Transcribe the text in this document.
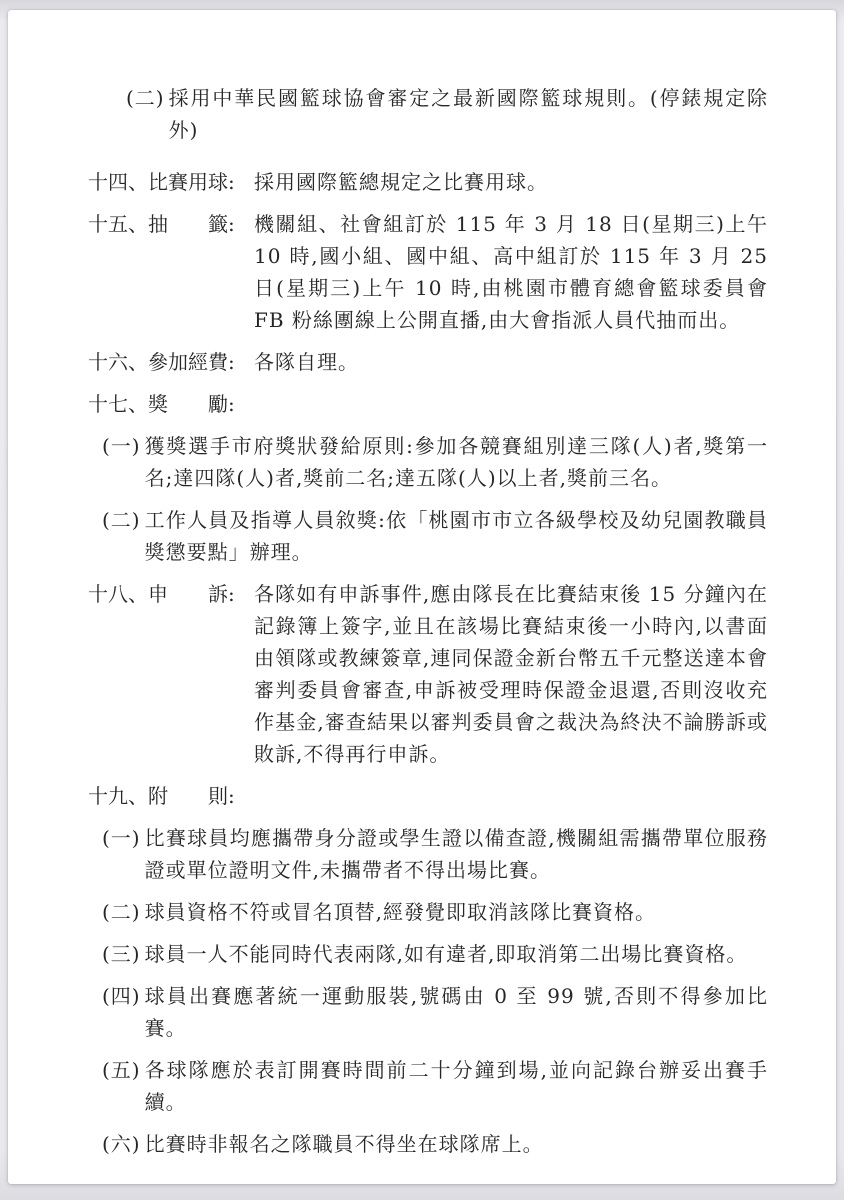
(二) 採用中華民國籃球協會審定之最新國際籃球規則。(停錶規定除外)
十四、比賽用球: 採用國際籃總規定之比賽用球。
十五、抽　　籤: 機關組、社會組訂於 115 年 3 月 18 日(星期三)上午 10 時,國小組、國中組、高中組訂於 115 年 3 月 25 日(星期三)上午 10 時,由桃園市體育總會籃球委員會 FB 粉絲團線上公開直播,由大會指派人員代抽而出。
十六、參加經費: 各隊自理。
十七、獎　　勵:
(一) 獲獎選手市府獎狀發給原則:參加各競賽組別達三隊(人)者,獎第一名;達四隊(人)者,獎前二名;達五隊(人)以上者,獎前三名。
(二) 工作人員及指導人員敘獎:依「桃園市市立各級學校及幼兒園教職員獎懲要點」辦理。
十八、申　　訴: 各隊如有申訴事件,應由隊長在比賽結束後 15 分鐘內在記錄簿上簽字,並且在該場比賽結束後一小時內,以書面由領隊或教練簽章,連同保證金新台幣五千元整送達本會審判委員會審查,申訴被受理時保證金退還,否則沒收充作基金,審查結果以審判委員會之裁決為終決不論勝訴或敗訴,不得再行申訴。
十九、附　　則:
(一) 比賽球員均應攜帶身分證或學生證以備查證,機關組需攜帶單位服務證或單位證明文件,未攜帶者不得出場比賽。
(二) 球員資格不符或冒名頂替,經發覺即取消該隊比賽資格。
(三) 球員一人不能同時代表兩隊,如有違者,即取消第二出場比賽資格。
(四) 球員出賽應著統一運動服裝,號碼由 0 至 99 號,否則不得參加比賽。
(五) 各球隊應於表訂開賽時間前二十分鐘到場,並向記錄台辦妥出賽手續。
(六) 比賽時非報名之隊職員不得坐在球隊席上。
